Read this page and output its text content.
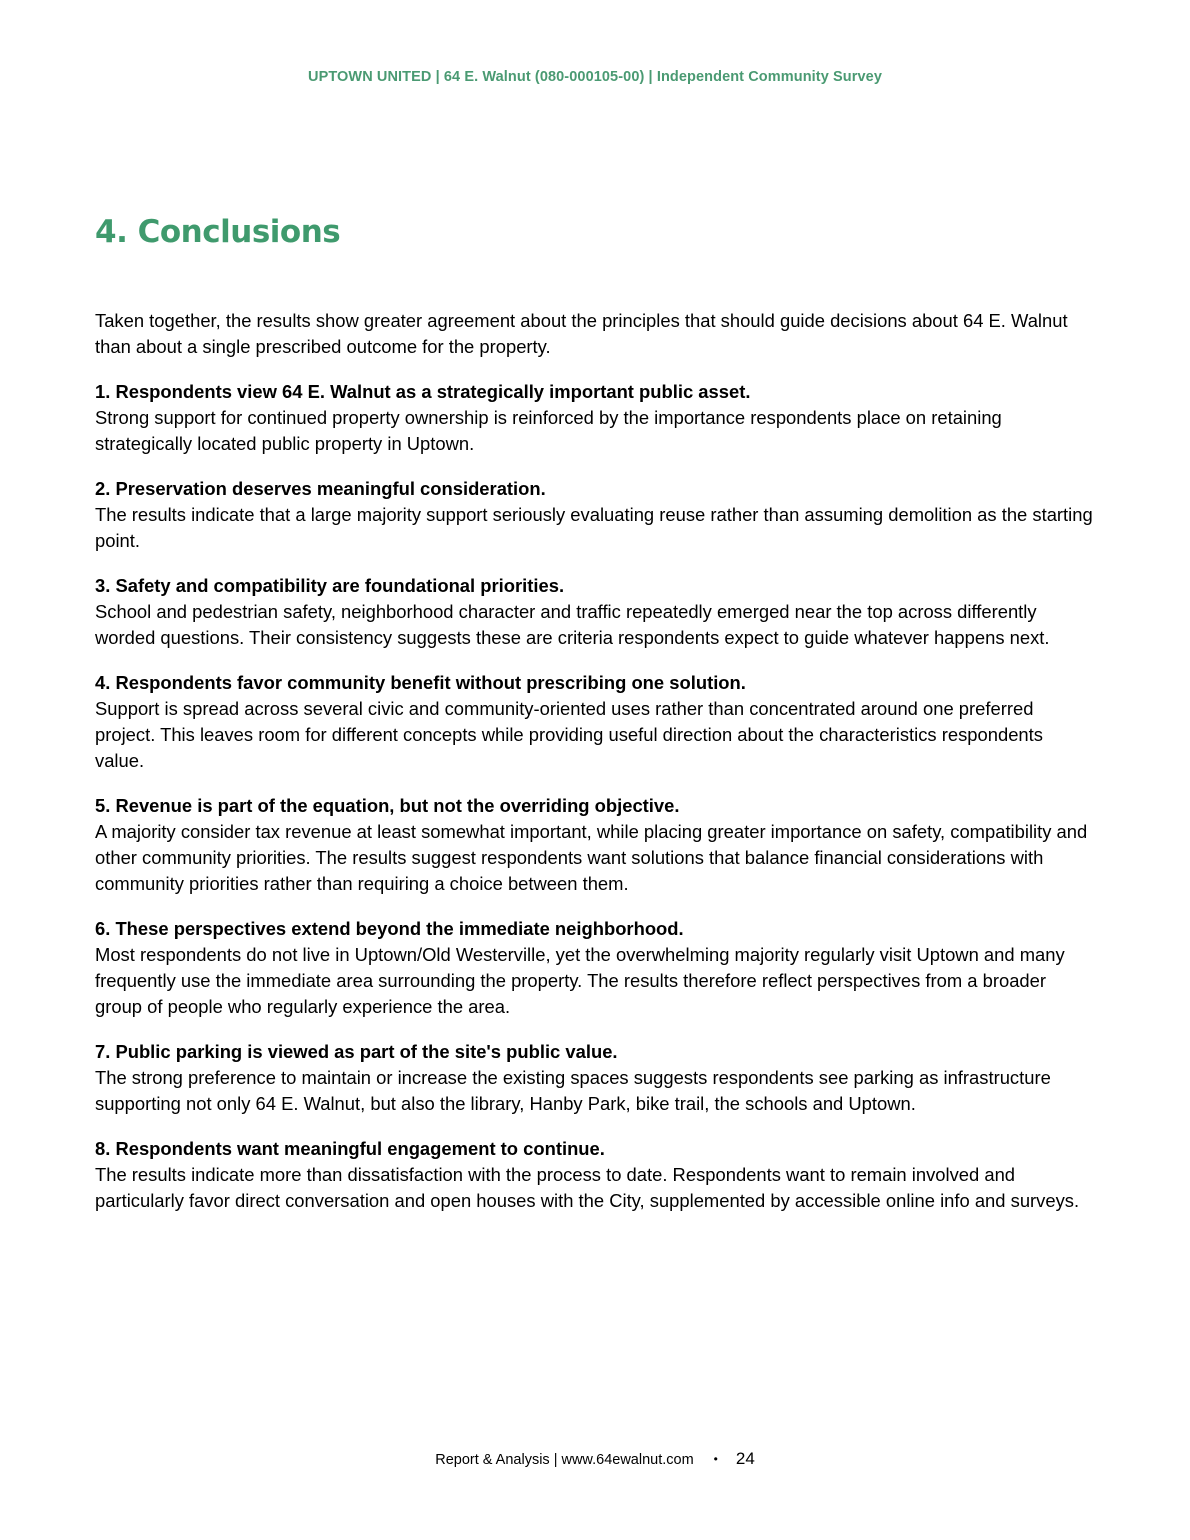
UPTOWN UNITED | 64 E. Walnut (080-000105-00) | Independent Community Survey
4. Conclusions

Taken together, the results show greater agreement about the principles that should guide decisions about 64 E. Walnut than about a single prescribed outcome for the property.

1. Respondents view 64 E. Walnut as a strategically important public asset.
Strong support for continued property ownership is reinforced by the importance respondents place on retaining strategically located public property in Uptown.
2. Preservation deserves meaningful consideration.
The results indicate that a large majority support seriously evaluating reuse rather than assuming demolition as the starting point.
3. Safety and compatibility are foundational priorities.
School and pedestrian safety, neighborhood character and traffic repeatedly emerged near the top across differently worded questions. Their consistency suggests these are criteria respondents expect to guide whatever happens next.
4. Respondents favor community benefit without prescribing one solution.
Support is spread across several civic and community-oriented uses rather than concentrated around one preferred project. This leaves room for different concepts while providing useful direction about the characteristics respondents value.
5. Revenue is part of the equation, but not the overriding objective.
A majority consider tax revenue at least somewhat important, while placing greater importance on safety, compatibility and other community priorities. The results suggest respondents want solutions that balance financial considerations with community priorities rather than requiring a choice between them.
6. These perspectives extend beyond the immediate neighborhood.
Most respondents do not live in Uptown/Old Westerville, yet the overwhelming majority regularly visit Uptown and many frequently use the immediate area surrounding the property. The results therefore reflect perspectives from a broader group of people who regularly experience the area.
7. Public parking is viewed as part of the site's public value.
The strong preference to maintain or increase the existing spaces suggests respondents see parking as infrastructure supporting not only 64 E. Walnut, but also the library, Hanby Park, bike trail, the schools and Uptown.
8. Respondents want meaningful engagement to continue.
The results indicate more than dissatisfaction with the process to date. Respondents want to remain involved and particularly favor direct conversation and open houses with the City, supplemented by accessible online info and surveys.
Report & Analysis | www.64ewalnut.com • 24
